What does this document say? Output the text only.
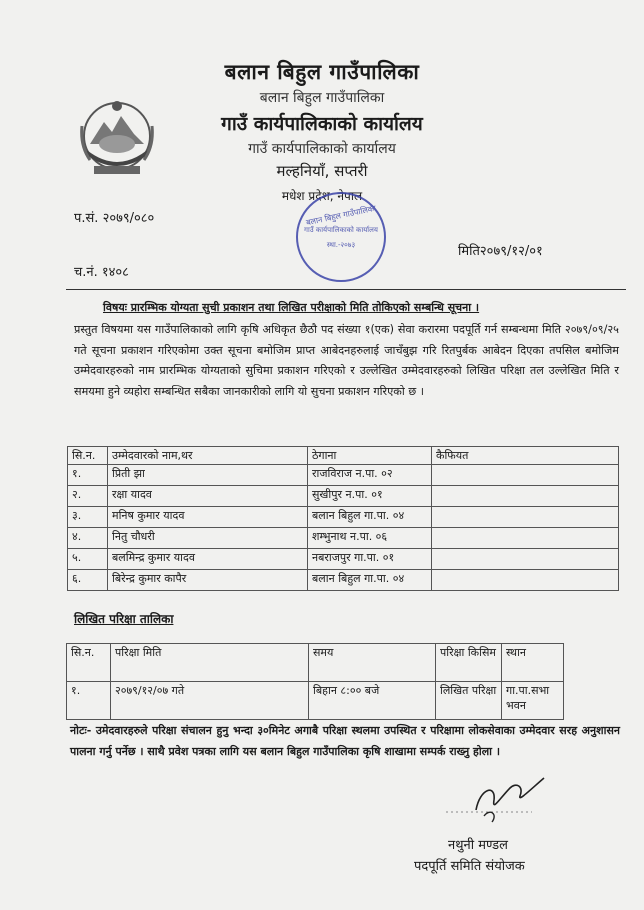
बलान बिहुल गाउँपालिका
बलान बिहुल गाउँपालिका
गाउँ कार्यपालिकाको कार्यालय
गाउँ कार्यपालिकाको कार्यालय
मल्हनियाँ, सप्तरी
मधेश प्रदेश, नेपाल
प.सं. २०७९/०८०
मिति२०७९/१२/०१
च.नं. १४०८
बलान बिहुल गाउँपालिका
गाउँ कार्यपालिकाको कार्यालय
स्था.-२०७३
विषयः प्रारम्भिक योग्यता सुची प्रकाशन तथा लिखित परीक्षाको मिति तोकिएको सम्बन्धि सूचना ।
प्रस्तुत विषयमा यस गाउँपालिकाको लागि कृषि अधिकृत छैठौ पद संख्या १(एक) सेवा करारमा पदपूर्ति गर्न सम्बन्धमा मिति २०७९/०९/२५ गते सूचना प्रकाशन गरिएकोमा उक्त सूचना बमोजिम प्राप्त आबेदनहरुलाई जाचँबुझ गरि रितपुर्बक आबेदन दिएका तपसिल बमोजिम उम्मेदवारहरुको नाम प्रारम्भिक योग्यताको सुचिमा प्रकाशन गरिएको र उल्लेखित उम्मेदवारहरुको लिखित परिक्षा तल उल्लेखित मिति र समयमा हुने व्यहोरा सम्बन्धित सबैका जानकारीको लागि यो सुचना प्रकाशन गरिएको छ ।
सि.न.	उम्मेदवारको नाम,थर	ठेगाना	कैफियत
१.	प्रिती झा	राजविराज न.पा. ०२	
२.	रक्षा यादव	सुखीपुर न.पा. ०१	
३.	मनिष कुमार यादव	बलान बिहुल गा.पा. ०४	
४.	नितु चौधरी	शम्भुनाथ न.पा. ०६	
५.	बलमिन्द्र कुमार यादव	नबराजपुर गा.पा. ०१	
६.	बिरेन्द्र कुमार कापैर	बलान बिहुल गा.पा. ०४	
लिखित परिक्षा तालिका
सि.न.	परिक्षा मिति	समय	परिक्षा किसिम	स्थान
१.	२०७९/१२/०७ गते	बिहान ८:०० बजे	लिखित परिक्षा	गा.पा.सभा भवन
नोटः- उमेदवारहरुले परिक्षा संचालन हुनु भन्दा ३०मिनेट अगाबै परिक्षा स्थलमा उपस्थित र परिक्षामा लोकसेवाका उम्मेदवार सरह अनुशासन पालना गर्नु पर्नेछ । साथै प्रवेश पत्रका लागि यस बलान बिहुल गाउँपालिका कृषि शाखामा सम्पर्क राख्नु होला ।
नथुनी मण्डल
पदपूर्ति समिति संयोजक
